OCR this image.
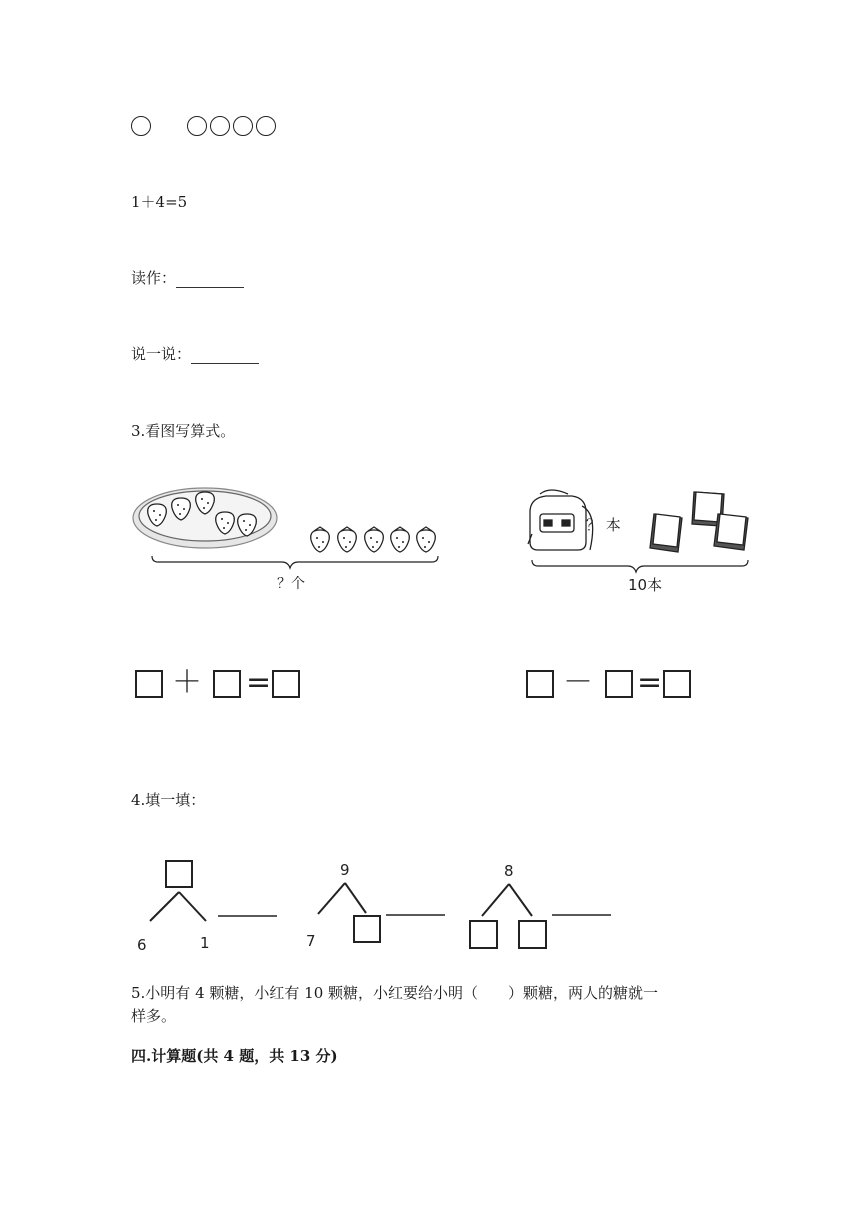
1＋4=5
读作：
说一说：
3.看图写算式。
？个
？ 本
10本
＋ =	－ =
4.填一填：
6	1
9
7
8
5.小明有 4 颗糖，小红有 10 颗糖，小红要给小明（　　）颗糖，两人的糖就一
样多。
四.计算题(共 4 题，共 13 分)
